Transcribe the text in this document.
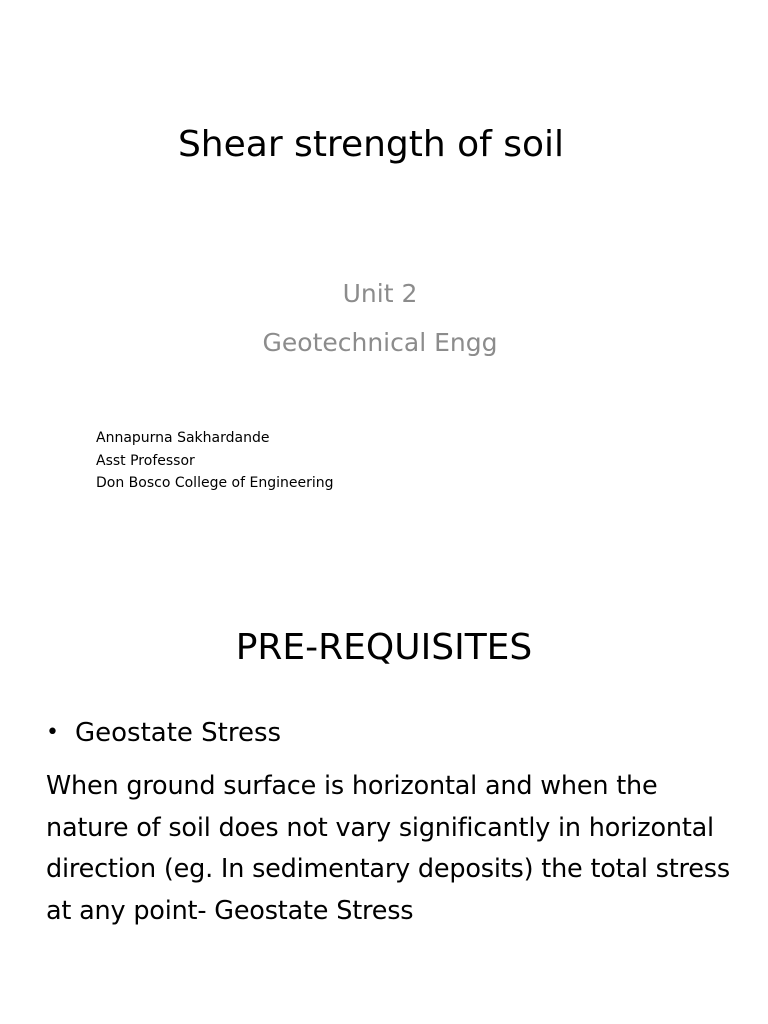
Shear strength of soil
Unit 2
Geotechnical Engg
Annapurna Sakhardande
Asst Professor
Don Bosco College of Engineering
PRE-REQUISITES
• Geostate Stress
When ground surface is horizontal and when the nature of soil does not vary significantly in horizontal direction (eg. In sedimentary deposits) the total stress at any point- Geostate Stress
